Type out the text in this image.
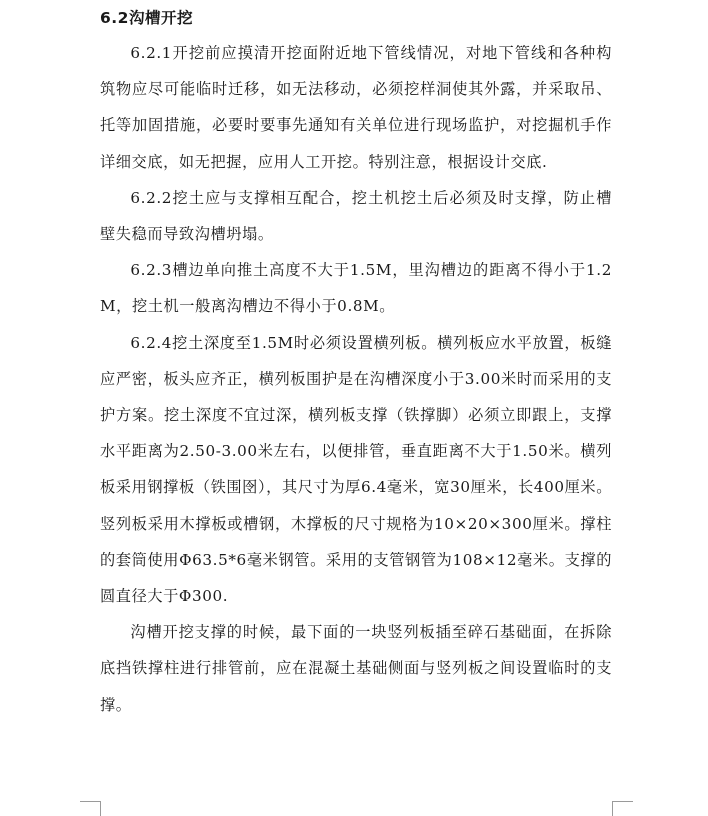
6.2沟槽开挖

6.2.1开挖前应摸清开挖面附近地下管线情况，对地下管线和各种构筑物应尽可能临时迁移，如无法移动，必须挖样洞使其外露，并采取吊、托等加固措施，必要时要事先通知有关单位进行现场监护，对挖掘机手作详细交底，如无把握，应用人工开挖。特别注意，根据设计交底.

6.2.2挖土应与支撑相互配合，挖土机挖土后必须及时支撑，防止槽壁失稳而导致沟槽坍塌。

6.2.3槽边单向推土高度不大于1.5M，里沟槽边的距离不得小于1.2M，挖土机一般离沟槽边不得小于0.8M。

6.2.4挖土深度至1.5M时必须设置横列板。横列板应水平放置，板缝应严密，板头应齐正，横列板围护是在沟槽深度小于3.00米时而采用的支护方案。挖土深度不宜过深，横列板支撑（铁撑脚）必须立即跟上，支撑水平距离为2.50-3.00米左右，以便排管，垂直距离不大于1.50米。横列板采用钢撑板（铁围囹），其尺寸为厚6.4毫米，宽30厘米，长400厘米。竖列板采用木撑板或槽钢，木撑板的尺寸规格为10×20×300厘米。撑柱的套筒使用Φ63.5*6毫米钢管。采用的支管钢管为108×12毫米。支撑的圆直径大于Φ300.

沟槽开挖支撑的时候，最下面的一块竖列板插至碎石基础面，在拆除底挡铁撑柱进行排管前，应在混凝土基础侧面与竖列板之间设置临时的支撑。
